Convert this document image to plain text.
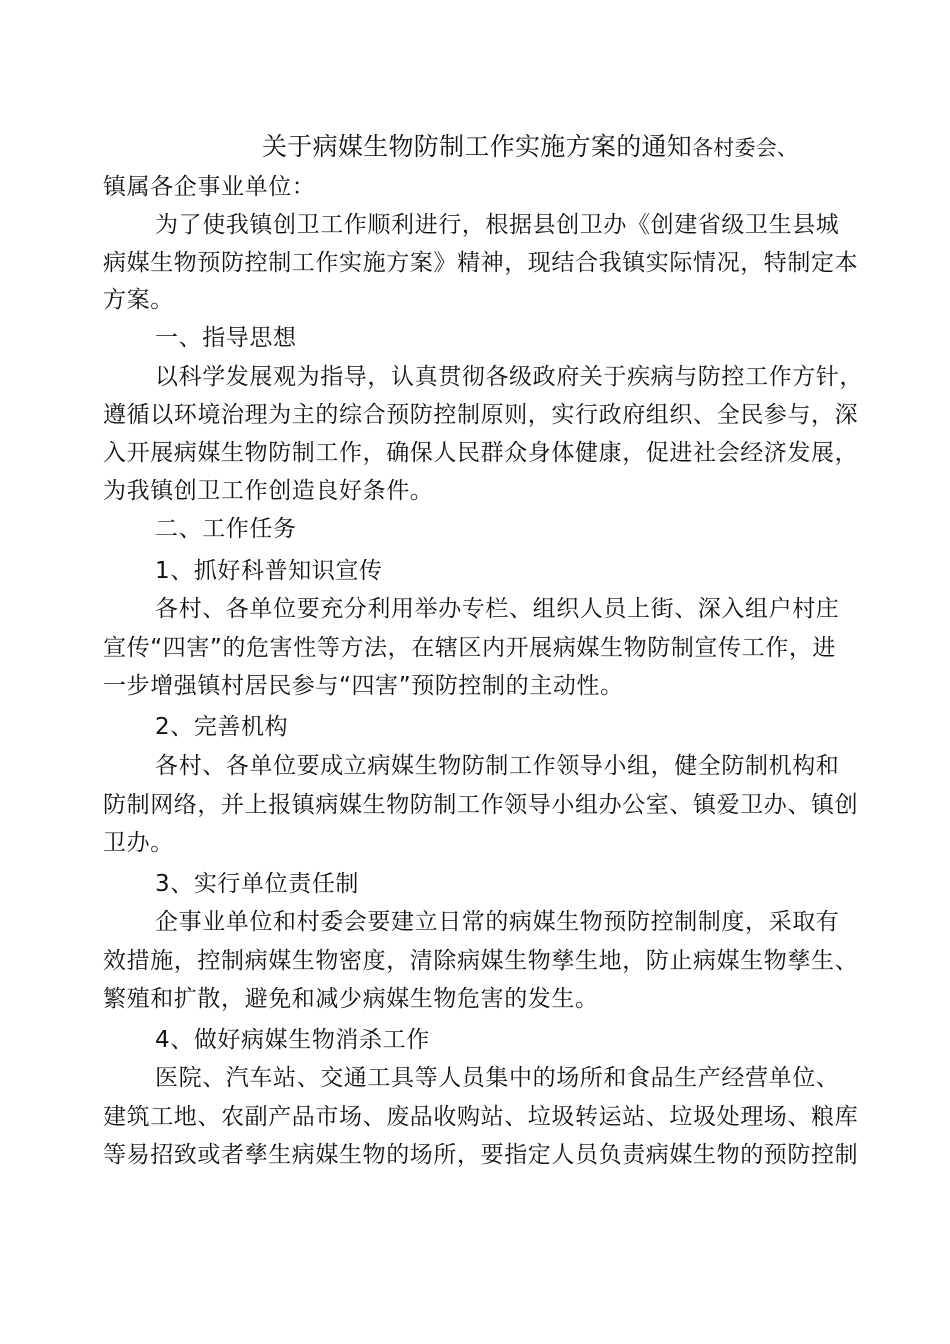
关于病媒生物防制工作实施方案的通知各村委会、
镇属各企事业单位：
为了使我镇创卫工作顺利进行，根据县创卫办《创建省级卫生县城
病媒生物预防控制工作实施方案》精神，现结合我镇实际情况，特制定本
方案。
一、指导思想
以科学发展观为指导，认真贯彻各级政府关于疾病与防控工作方针，
遵循以环境治理为主的综合预防控制原则，实行政府组织、全民参与，深
入开展病媒生物防制工作，确保人民群众身体健康，促进社会经济发展，
为我镇创卫工作创造良好条件。
二、工作任务
1、抓好科普知识宣传
各村、各单位要充分利用举办专栏、组织人员上街、深入组户村庄
宣传“四害”的危害性等方法，在辖区内开展病媒生物防制宣传工作，进
一步增强镇村居民参与“四害”预防控制的主动性。
2、完善机构
各村、各单位要成立病媒生物防制工作领导小组，健全防制机构和
防制网络，并上报镇病媒生物防制工作领导小组办公室、镇爱卫办、镇创
卫办。
3、实行单位责任制
企事业单位和村委会要建立日常的病媒生物预防控制制度，采取有
效措施，控制病媒生物密度，清除病媒生物孳生地，防止病媒生物孳生、
繁殖和扩散，避免和减少病媒生物危害的发生。
4、做好病媒生物消杀工作
医院、汽车站、交通工具等人员集中的场所和食品生产经营单位、
建筑工地、农副产品市场、废品收购站、垃圾转运站、垃圾处理场、粮库
等易招致或者孳生病媒生物的场所，要指定人员负责病媒生物的预防控制
